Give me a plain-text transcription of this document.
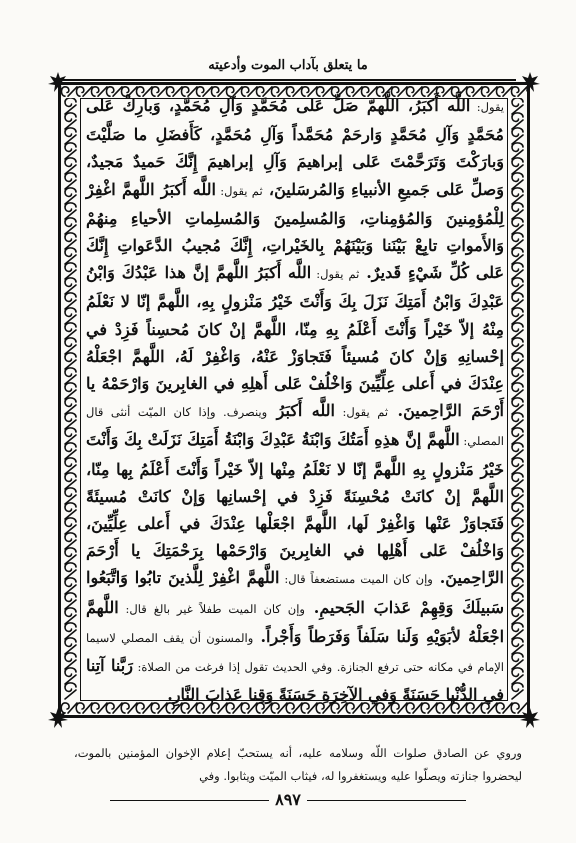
ما يتعلق بآداب الموت وأدعيته
يقول: اللَّه أَكبَرُ، اللَّهمّ صَلِّ عَلى مُحَمَّدٍ وَآلِ مُحَمَّدٍ، وَبارِكْ عَلى مُحَمَّدٍ وَآلِ مُحَمَّدٍ وَارحَمْ مُحَمَّداً وَآلِ مُحَمَّدٍ، كَأَفضَلِ ما صَلَّيْتَ وَبارَكْتَ وَتَرَحَّمْتَ عَلى إبراهيمَ وَآلِ إبراهيمَ إِنَّكَ حَميدٌ مَجيدٌ، وَصلِّ عَلى جَميعِ الأنبياءِ وَالمُرسَلينَ، ثم يقول: اللَّه أَكبَرُ اللَّهمَّ اغْفِرْ لِلْمُؤمِنينَ وَالمُؤمِناتِ، وَالمُسلِمينَ وَالمُسلِماتِ الأحياءِ مِنهُمْ وَالأَمواتِ تابِعْ بَيْنَنا وَبَيْنَهُمْ بِالخَيْراتِ، إِنَّكَ مُجيبُ الدَّعَواتِ إِنَّكَ عَلى كُلِّ شَيْءٍ قَديرٌ. ثم يقول: اللَّه أَكبَرُ اللَّهمَّ إنَّ هذا عَبْدُكَ وَابْنُ عَبْدِكَ وَابْنُ أَمَتِكَ نَزَلَ بِكَ وَأَنْتَ خَيْرُ مَنْزولٍ بِهِ، اللَّهمَّ إنّا لا نَعْلَمُ مِنْهُ إلاّ خَيْراً وَأَنْتَ أَعْلَمُ بِهِ مِنّا، اللَّهمَّ إنْ كانَ مُحسِناً فَزِدْ في إحْسانِهِ وَإنْ كانَ مُسيئاً فَتَجاوَزْ عَنْهُ، وَاغْفِرْ لَهُ، اللَّهمَّ اجْعَلْهُ عِنْدَكَ في أَعلى عِلِّيِّينَ وَاخْلُفْ عَلى أَهلِهِ في الغابِرينَ وَارْحَمْهُ يا أَرْحَمَ الرَّاحِمينَ. ثم يقول: اللَّه أَكبَرُ وينصرف. وإذا كان الميّت أنثى قال المصلي: اللَّهمَّ إنَّ هذِهِ أَمَتُكَ وَابْنَةُ عَبْدِكَ وَابْنَةُ أَمَتِكَ نَزَلَتْ بِكَ وَأَنْتَ خَيْرُ مَنْزولٍ بِهِ اللَّهمَّ إنّا لا نَعْلَمُ مِنْها إلاّ خَيْراً وَأَنْتَ أَعْلَمُ بِها مِنّا، اللَّهمَّ إنْ كانَتْ مُحْسِنَةً فَزِدْ في إحْسانِها وَإنْ كانَتْ مُسيئَةً فَتَجاوَزْ عَنْها وَاغْفِرْ لَها، اللَّهمَّ اجْعَلْها عِنْدَكَ في أَعلى عِلِّيِّينَ، وَاخْلُفْ عَلى أَهْلِها في الغابِرينَ وَارْحَمْها بِرَحْمَتِكَ يا أَرْحَمَ الرَّاحِمينَ. وإن كان الميت مستضعفاً قال: اللَّهمَّ اغْفِرْ لِلَّذينَ تابُوا وَاتَّبَعُوا سَبيلَكَ وَقِهِمْ عَذابَ الجَحيمِ. وإن كان الميت طفلاً غير بالغ قال: اللَّهمَّ اجْعَلْهُ لأبَوَيْهِ وَلَنا سَلَفاً وَفَرَطاً وَأَجْراً. والمسنون أن يقف المصلي لاسيما الإمام في مكانه حتى ترفع الجنازة. وفي الحديث تقول إذا فرغت من الصلاة: رَبَّنا آتِنا في الدُّنْيا حَسَنَةً وَفي الآخِرَةِ حَسَنَةً وَقِنا عَذابَ النَّارِ.
وروي عن الصادق صلوات اللّه وسلامه عليه، أنه يستحبّ إعلام الإخوان المؤمنين بالموت، ليحضروا جنازته ويصلّوا عليه ويستغفروا له، فيثاب الميّت ويثابوا. وفي
٨٩٧
